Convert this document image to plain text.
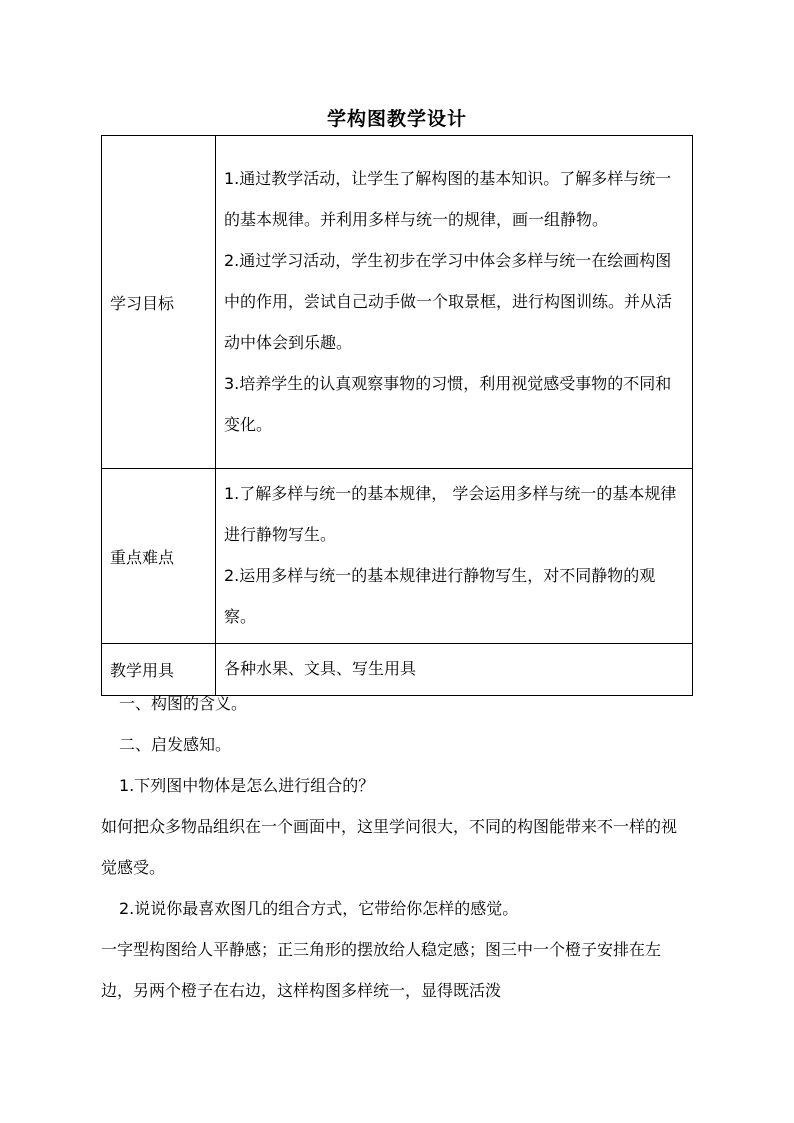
学构图教学设计
学习目标	1.通过教学活动，让学生了解构图的基本知识。了解多样与统一的基本规律。并利用多样与统一的规律，画一组静物。

2.通过学习活动，学生初步在学习中体会多样与统一在绘画构图中的作用，尝试自己动手做一个取景框，进行构图训练。并从活动中体会到乐趣。

3.培养学生的认真观察事物的习惯，利用视觉感受事物的不同和变化。

重点难点	1.了解多样与统一的基本规律， 学会运用多样与统一的基本规律进行静物写生。

2.运用多样与统一的基本规律进行静物写生，对不同静物的观察。

教学用具	各种水果、文具、写生用具

一、构图的含义。

二、启发感知。

1.下列图中物体是怎么进行组合的？

如何把众多物品组织在一个画面中，这里学问很大，不同的构图能带来不一样的视觉感受。

2.说说你最喜欢图几的组合方式，它带给你怎样的感觉。

一字型构图给人平静感；正三角形的摆放给人稳定感；图三中一个橙子安排在左边，另两个橙子在右边，这样构图多样统一，显得既活泼
